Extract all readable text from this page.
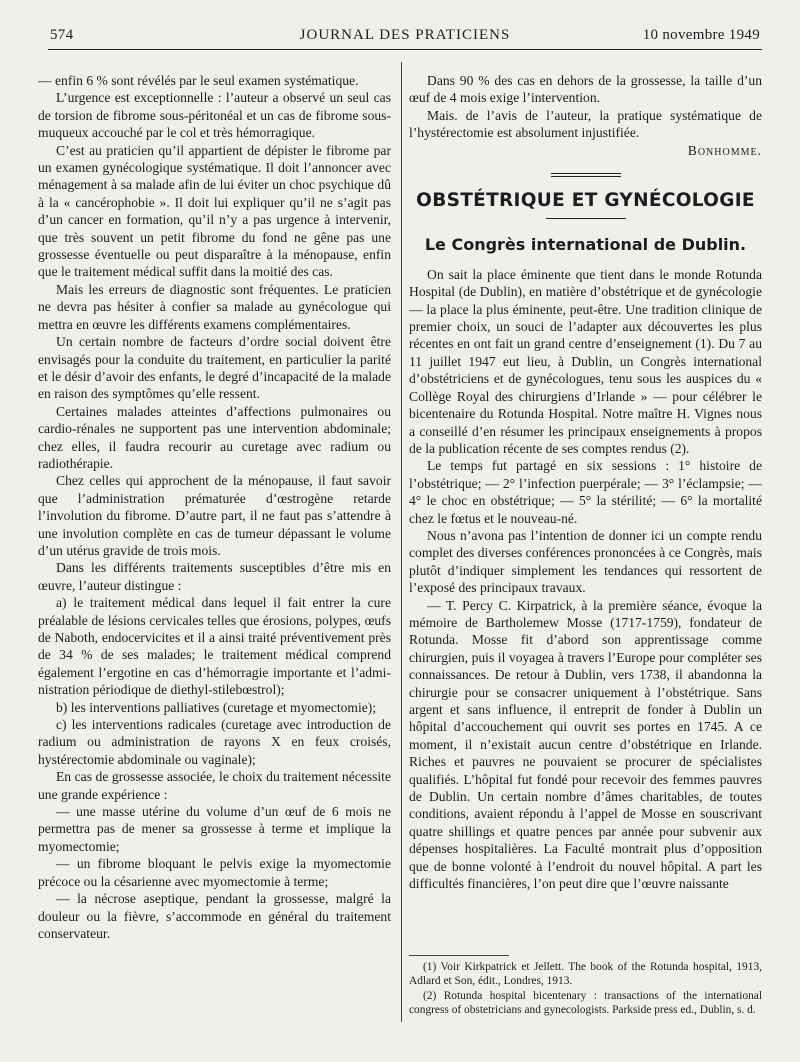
574	JOURNAL DES PRATICIENS	10 novembre 1949

— enfin 6 % sont révélés par le seul examen systématique.

L’urgence est exceptionnelle : l’auteur a observé un seul cas de torsion de fibrome sous-péritonéal et un cas de fibrome sous-muqueux accouché par le col et très hémorragique.

C’est au praticien qu’il appartient de dépister le fibrome par un examen gynécologique systématique. Il doit l’annoncer avec ménagement à sa malade afin de lui éviter un choc psychique dû à la « cancérophobie ». Il doit lui expliquer qu’il ne s’agit pas d’un cancer en formation, qu’il n’y a pas urgence à intervenir, que très souvent un petit fibrome du fond ne gêne pas une grossesse éventuelle ou peut disparaître à la ménopause, enfin que le traitement médical suffit dans la moitié des cas.

Mais les erreurs de diagnostic sont fréquentes. Le praticien ne devra pas hésiter à confier sa malade au gynécologue qui mettra en œuvre les différents examens complémentaires.

Un certain nombre de facteurs d’ordre social doivent être envisagés pour la conduite du traitement, en particulier la parité et le désir d’avoir des enfants, le degré d’incapacité de la malade en raison des symptômes qu’elle ressent.

Certaines malades atteintes d’affections pulmonaires ou cardio-rénales ne supportent pas une intervention abdominale; chez elles, il faudra recourir au curetage avec radium ou radiothérapie.

Chez celles qui approchent de la ménopause, il faut savoir que l’administration prématurée d’œstrogène retarde l’involution du fibrome. D’autre part, il ne faut pas s’attendre à une involution complète en cas de tumeur dépassant le volume d’un utérus gravide de trois mois.

Dans les différents traitements susceptibles d’être mis en œuvre, l’auteur distingue :

a) le traitement médical dans lequel il fait entrer la cure préalable de lésions cervicales telles que érosions, polypes, œufs de Naboth, endocervicites et il a ainsi traité préventivement près de 34 % de ses malades; le traitement médical comprend également l’ergotine en cas d’hémorragie importante et l’administration périodique de diethyl-stilebœstrol);

b) les interventions palliatives (curetage et myomectomie);

c) les interventions radicales (curetage avec introduction de radium ou administration de rayons X en feux croisés, hystérectomie abdominale ou vaginale);

En cas de grossesse associée, le choix du traitement nécessite une grande expérience :

— une masse utérine du volume d’un œuf de 6 mois ne permettra pas de mener sa grossesse à terme et implique la myomectomie;

— un fibrome bloquant le pelvis exige la myomectomie précoce ou la césarienne avec myomectomie à terme;

— la nécrose aseptique, pendant la grossesse, malgré la douleur ou la fièvre, s’accommode en général du traitement conservateur.

Dans 90 % des cas en dehors de la grossesse, la taille d’un œuf de 4 mois exige l’intervention.

Mais. de l’avis de l’auteur, la pratique systématique de l’hystérectomie est absolument injustifiée.

Bonhomme.

OBSTÉTRIQUE ET GYNÉCOLOGIE
Le Congrès international de Dublin.

On sait la place éminente que tient dans le monde Rotunda Hospital (de Dublin), en matière d’obstétrique et de gynécologie — la place la plus éminente, peut-être. Une tradition clinique de premier choix, un souci de l’adapter aux découvertes les plus récentes en ont fait un grand centre d’enseignement (1). Du 7 au 11 juillet 1947 eut lieu, à Dublin, un Congrès international d’obstétriciens et de gynécologues, tenu sous les auspices du « Collège Royal des chirurgiens d’Irlande » — pour célébrer le bicentenaire du Rotunda Hospital. Notre maître H. Vignes nous a conseillé d’en résumer les principaux enseignements à propos de la publication récente de ses comptes rendus (2).

Le temps fut partagé en six sessions : 1° histoire de l’obstétrique; — 2° l’infection puerpérale; — 3° l’éclampsie; — 4° le choc en obstétrique; — 5° la stérilité; — 6° la mortalité chez le fœtus et le nouveau-né.

Nous n’avona pas l’intention de donner ici un compte rendu complet des diverses conférences prononcées à ce Congrès, mais plutôt d’indiquer simplement les tendances qui ressortent de l’exposé des principaux travaux.

— T. Percy C. Kirpatrick, à la première séance, évoque la mémoire de Bartholemew Mosse (1717-1759), fondateur de Rotunda. Mosse fit d’abord son apprentissage comme chirurgien, puis il voyagea à travers l’Europe pour compléter ses connaissances. De retour à Dublin, vers 1738, il abandonna la chirurgie pour se consacrer uniquement à l’obstétrique. Sans argent et sans influence, il entreprit de fonder à Dublin un hôpital d’accouchement qui ouvrit ses portes en 1745. A ce moment, il n’existait aucun centre d’obstétrique en Irlande. Riches et pauvres ne pouvaient se procurer de spécialistes qualifiés. L’hôpital fut fondé pour recevoir des femmes pauvres de Dublin. Un certain nombre d’âmes charitables, de toutes conditions, avaient répondu à l’appel de Mosse en souscrivant quatre shillings et quatre pences par année pour subvenir aux dépenses hospitalières. La Faculté montrait plus d’opposition que de bonne volonté à l’endroit du nouvel hôpital. A part les difficultés financières, l’on peut dire que l’œuvre naissante

(1) Voir Kirkpatrick et Jellett. The book of the Rotunda hospital, 1913, Adlard et Son, édit., Londres, 1913.

(2) Rotunda hospital bicentenary : transactions of the international congress of obstetricians and gynecologists. Parkside press ed., Dublin, s. d.
